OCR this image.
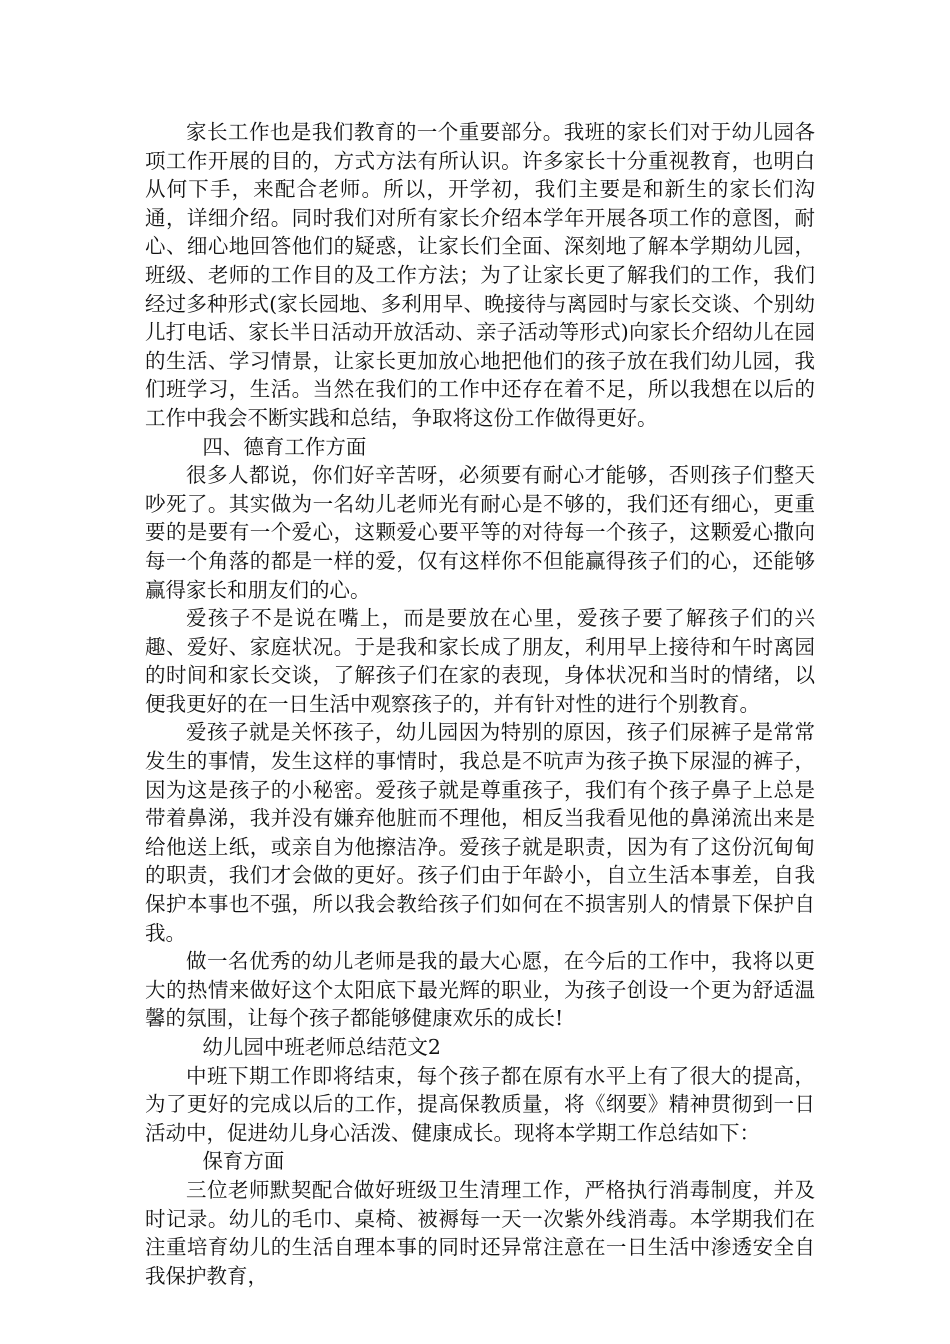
家长工作也是我们教育的一个重要部分。我班的家长们对于幼儿园各项工作开展的目的，方式方法有所认识。许多家长十分重视教育，也明白从何下手，来配合老师。所以，开学初，我们主要是和新生的家长们沟通，详细介绍。同时我们对所有家长介绍本学年开展各项工作的意图，耐心、细心地回答他们的疑惑，让家长们全面、深刻地了解本学期幼儿园，班级、老师的工作目的及工作方法；为了让家长更了解我们的工作，我们经过多种形式(家长园地、多利用早、晚接待与离园时与家长交谈、个别幼儿打电话、家长半日活动开放活动、亲子活动等形式)向家长介绍幼儿在园的生活、学习情景，让家长更加放心地把他们的孩子放在我们幼儿园，我们班学习，生活。当然在我们的工作中还存在着不足，所以我想在以后的工作中我会不断实践和总结，争取将这份工作做得更好。

四、德育工作方面

很多人都说，你们好辛苦呀，必须要有耐心才能够，否则孩子们整天吵死了。其实做为一名幼儿老师光有耐心是不够的，我们还有细心，更重要的是要有一个爱心，这颗爱心要平等的对待每一个孩子，这颗爱心撒向每一个角落的都是一样的爱，仅有这样你不但能赢得孩子们的心，还能够赢得家长和朋友们的心。

爱孩子不是说在嘴上，而是要放在心里，爱孩子要了解孩子们的兴趣、爱好、家庭状况。于是我和家长成了朋友，利用早上接待和午时离园的时间和家长交谈，了解孩子们在家的表现，身体状况和当时的情绪，以便我更好的在一日生活中观察孩子的，并有针对性的进行个别教育。

爱孩子就是关怀孩子，幼儿园因为特别的原因，孩子们尿裤子是常常发生的事情，发生这样的事情时，我总是不吭声为孩子换下尿湿的裤子，因为这是孩子的小秘密。爱孩子就是尊重孩子，我们有个孩子鼻子上总是带着鼻涕，我并没有嫌弃他脏而不理他，相反当我看见他的鼻涕流出来是给他送上纸，或亲自为他擦洁净。爱孩子就是职责，因为有了这份沉甸甸的职责，我们才会做的更好。孩子们由于年龄小，自立生活本事差，自我保护本事也不强，所以我会教给孩子们如何在不损害别人的情景下保护自我。

做一名优秀的幼儿老师是我的最大心愿，在今后的工作中，我将以更大的热情来做好这个太阳底下最光辉的职业，为孩子创设一个更为舒适温馨的氛围，让每个孩子都能够健康欢乐的成长!

幼儿园中班老师总结范文2

中班下期工作即将结束，每个孩子都在原有水平上有了很大的提高，为了更好的完成以后的工作，提高保教质量，将《纲要》精神贯彻到一日活动中，促进幼儿身心活泼、健康成长。现将本学期工作总结如下：

保育方面

三位老师默契配合做好班级卫生清理工作，严格执行消毒制度，并及时记录。幼儿的毛巾、桌椅、被褥每一天一次紫外线消毒。本学期我们在注重培育幼儿的生活自理本事的同时还异常注意在一日生活中渗透安全自我保护教育，
